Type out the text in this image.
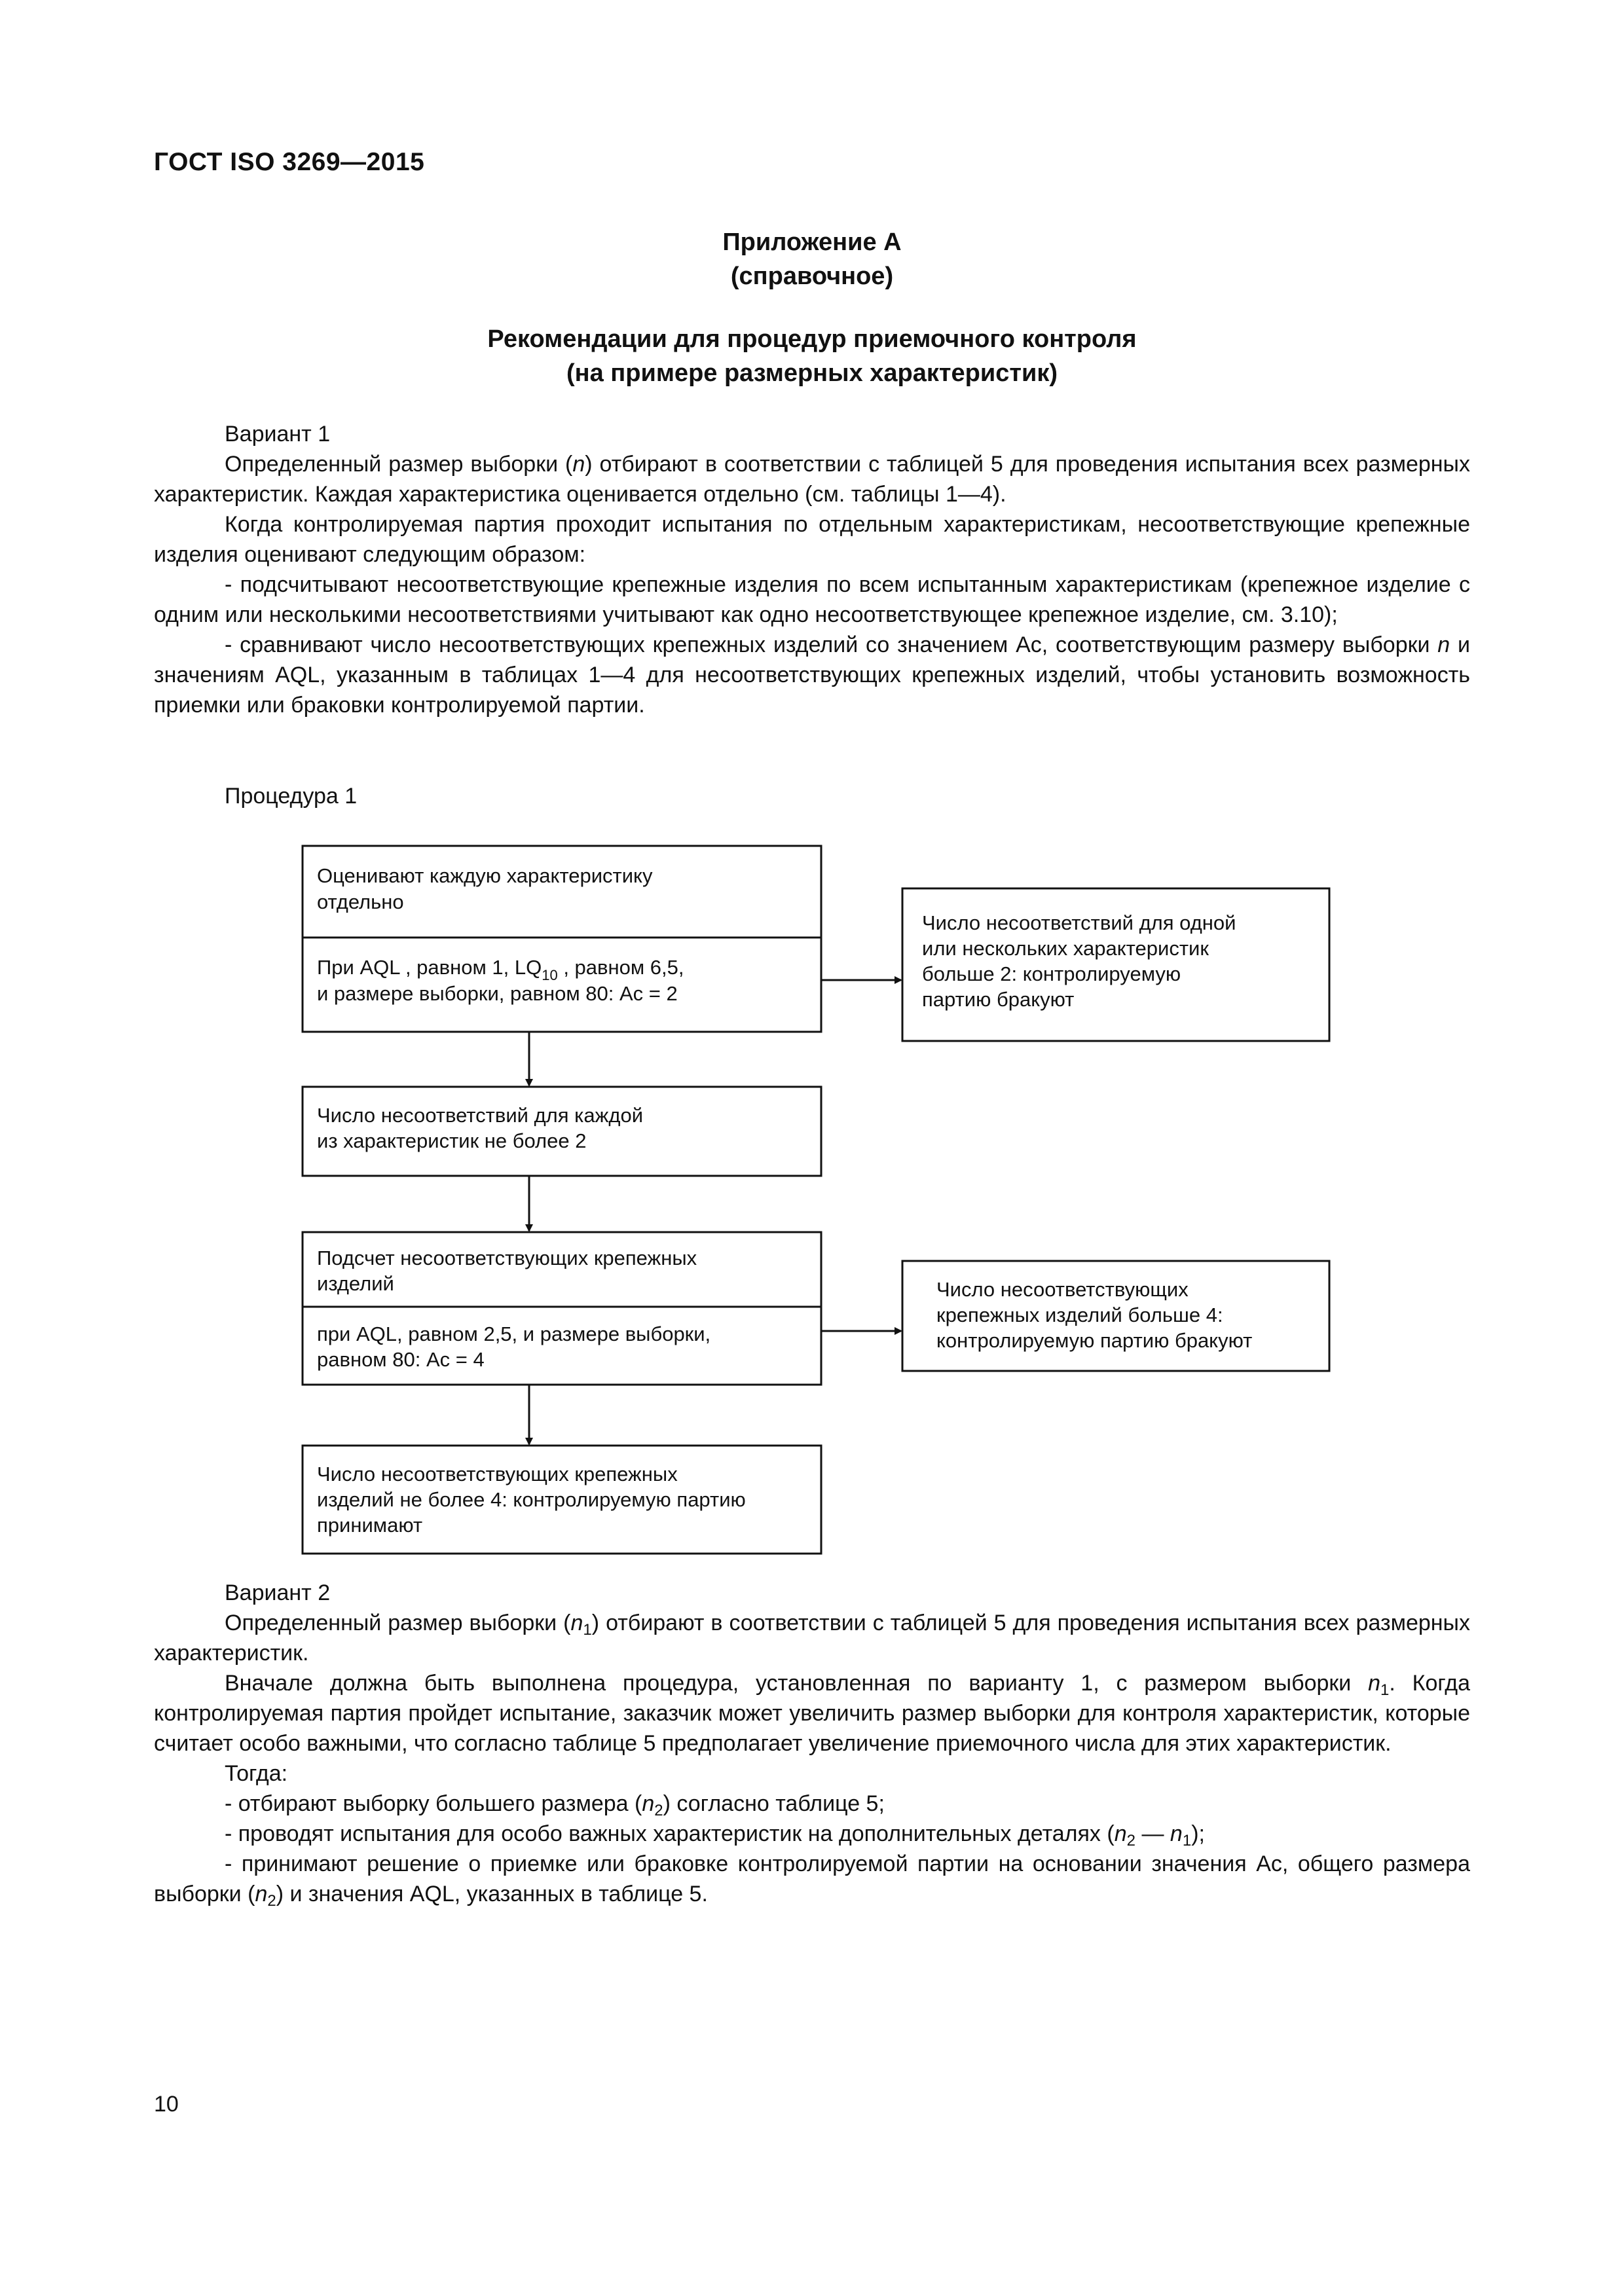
ГОСТ ISO 3269—2015
Приложение А
(справочное)
Рекомендации для процедур приемочного контроля
(на примере размерных характеристик)

Вариант 1

Определенный размер выборки (n) отбирают в соответствии с таблицей 5 для проведения испытания всех размерных характеристик. Каждая характеристика оценивается отдельно (см. таблицы 1—4).

Когда контролируемая партия проходит испытания по отдельным характеристикам, несоответствующие крепежные изделия оценивают следующим образом:

- подсчитывают несоответствующие крепежные изделия по всем испытанным характеристикам (крепежное изделие с одним или несколькими несоответствиями учитывают как одно несоответствующее крепежное изделие, см. 3.10);

- сравнивают число несоответствующих крепежных изделий со значением Ас, соответствующим размеру выборки n и значениям AQL, указанным в таблицах 1—4 для несоответствующих крепежных изделий, чтобы установить возможность приемки или браковки контролируемой партии.

Процедура 1
Оценивают каждую характеристику
отдельно
При AQL , равном 1, $LQ_{10}$ , равном 6,5,
и размере выборки, равном 80: Ас = 2
Число несоответствий для одной
или нескольких характеристик
больше 2: контролируемую
партию бракуют
Число несоответствий для каждой
из характеристик не более 2
Подсчет несоответствующих крепежных
изделий
при AQL, равном 2,5, и размере выборки,
равном 80: Ас = 4
Число несоответствующих
крепежных изделий больше 4:
контролируемую партию бракуют
Число несоответствующих крепежных
изделий не более 4: контролируемую партию
принимают

Вариант 2

Определенный размер выборки $(n_1)$ отбирают в соответствии с таблицей 5 для проведения испытания всех размерных характеристик.

Вначале должна быть выполнена процедура, установленная по варианту 1, с размером выборки $n_1$. Когда контролируемая партия пройдет испытание, заказчик может увеличить размер выборки для контроля характеристик, которые считает особо важными, что согласно таблице 5 предполагает увеличение приемочного числа для этих характеристик.

Тогда:

- отбирают выборку большего размера $(n_2)$ согласно таблице 5;

- проводят испытания для особо важных характеристик на дополнительных деталях ($n_2$ — $n_1$);

- принимают решение о приемке или браковке контролируемой партии на основании значения Ас, общего размера выборки $(n_2)$ и значения AQL, указанных в таблице 5.

10
